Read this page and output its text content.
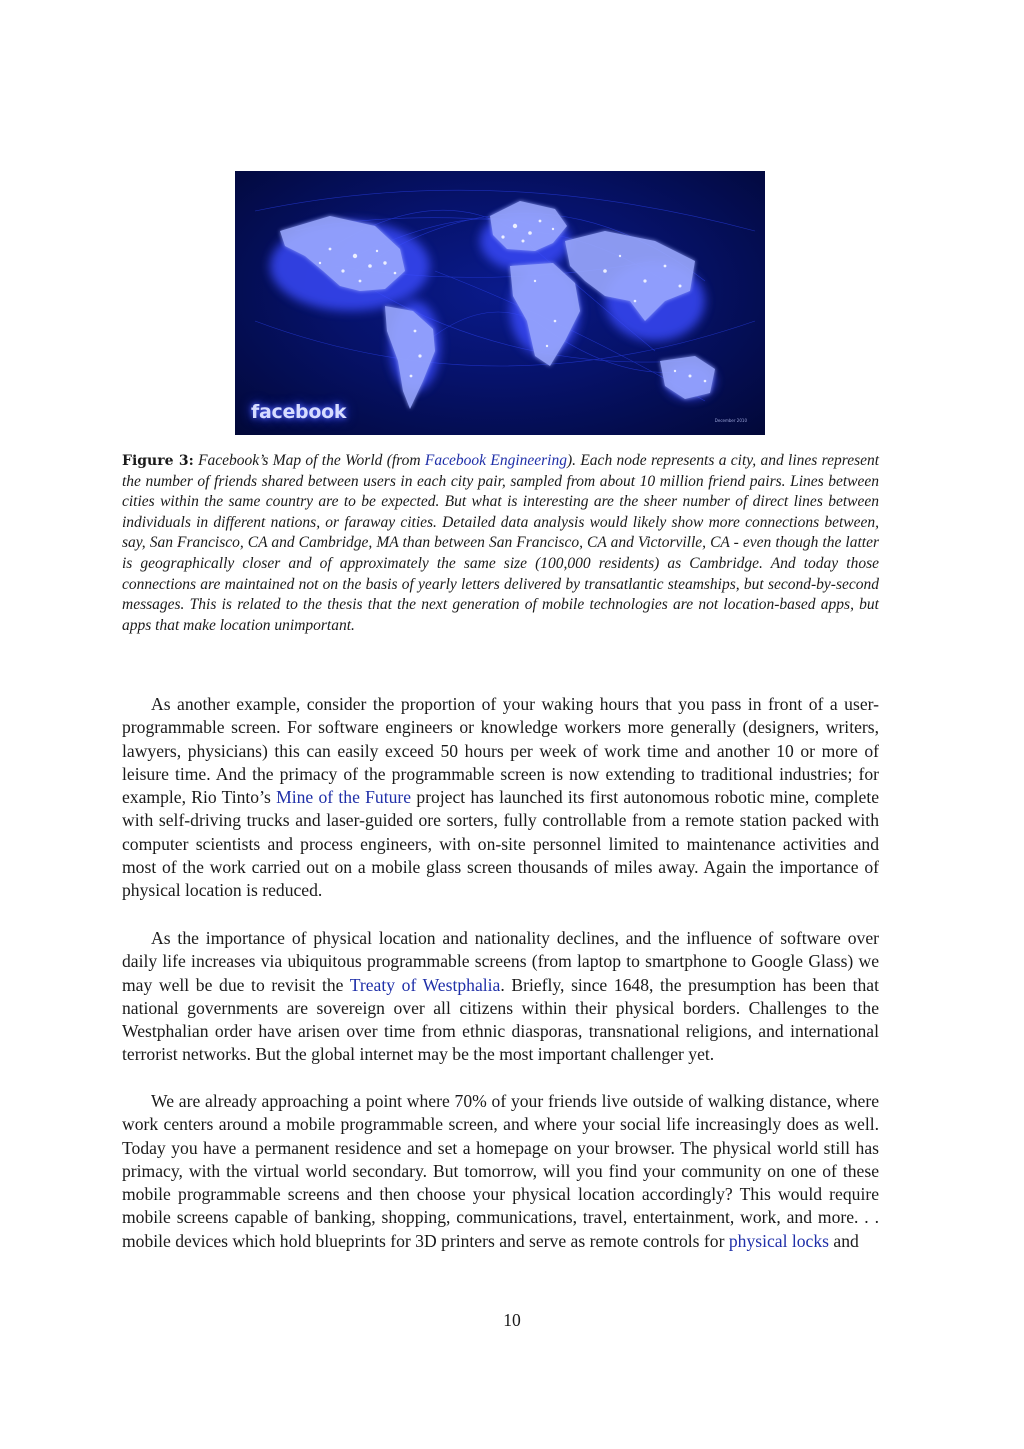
facebook	December 2010

Figure 3: Facebook’s Map of the World (from Facebook Engineering). Each node represents a city, and lines represent the number of friends shared between users in each city pair, sampled from about 10 million friend pairs. Lines between cities within the same country are to be expected. But what is interesting are the sheer number of direct lines between individuals in different nations, or faraway cities. Detailed data analysis would likely show more connections between, say, San Francisco, CA and Cambridge, MA than between San Francisco, CA and Victorville, CA - even though the latter is geographically closer and of approximately the same size (100,000 residents) as Cambridge. And today those connections are maintained not on the basis of yearly letters delivered by transatlantic steamships, but second-by-second messages. This is related to the thesis that the next generation of mobile technologies are not location-based apps, but apps that make location unimportant.

As another example, consider the proportion of your waking hours that you pass in front of a user-programmable screen. For software engineers or knowledge workers more generally (designers, writers, lawyers, physicians) this can easily exceed 50 hours per week of work time and another 10 or more of leisure time. And the primacy of the programmable screen is now extending to traditional industries; for example, Rio Tinto’s Mine of the Future project has launched its first autonomous robotic mine, complete with self-driving trucks and laser-guided ore sorters, fully controllable from a remote station packed with computer scientists and process engineers, with on-site personnel limited to maintenance activities and most of the work carried out on a mobile glass screen thousands of miles away. Again the importance of physical location is reduced.

As the importance of physical location and nationality declines, and the influence of software over daily life increases via ubiquitous programmable screens (from laptop to smartphone to Google Glass) we may well be due to revisit the Treaty of Westphalia. Briefly, since 1648, the presumption has been that national governments are sovereign over all citizens within their physical borders. Challenges to the Westphalian order have arisen over time from ethnic diasporas, transnational religions, and international terrorist networks. But the global internet may be the most important challenger yet.

We are already approaching a point where 70% of your friends live outside of walking distance, where work centers around a mobile programmable screen, and where your social life increasingly does as well. Today you have a permanent residence and set a homepage on your browser. The physical world still has primacy, with the virtual world secondary. But tomorrow, will you find your community on one of these mobile programmable screens and then choose your physical location accordingly? This would require mobile screens capable of banking, shopping, communications, travel, entertainment, work, and more. . . mobile devices which hold blueprints for 3D printers and serve as remote controls for physical locks and

10
